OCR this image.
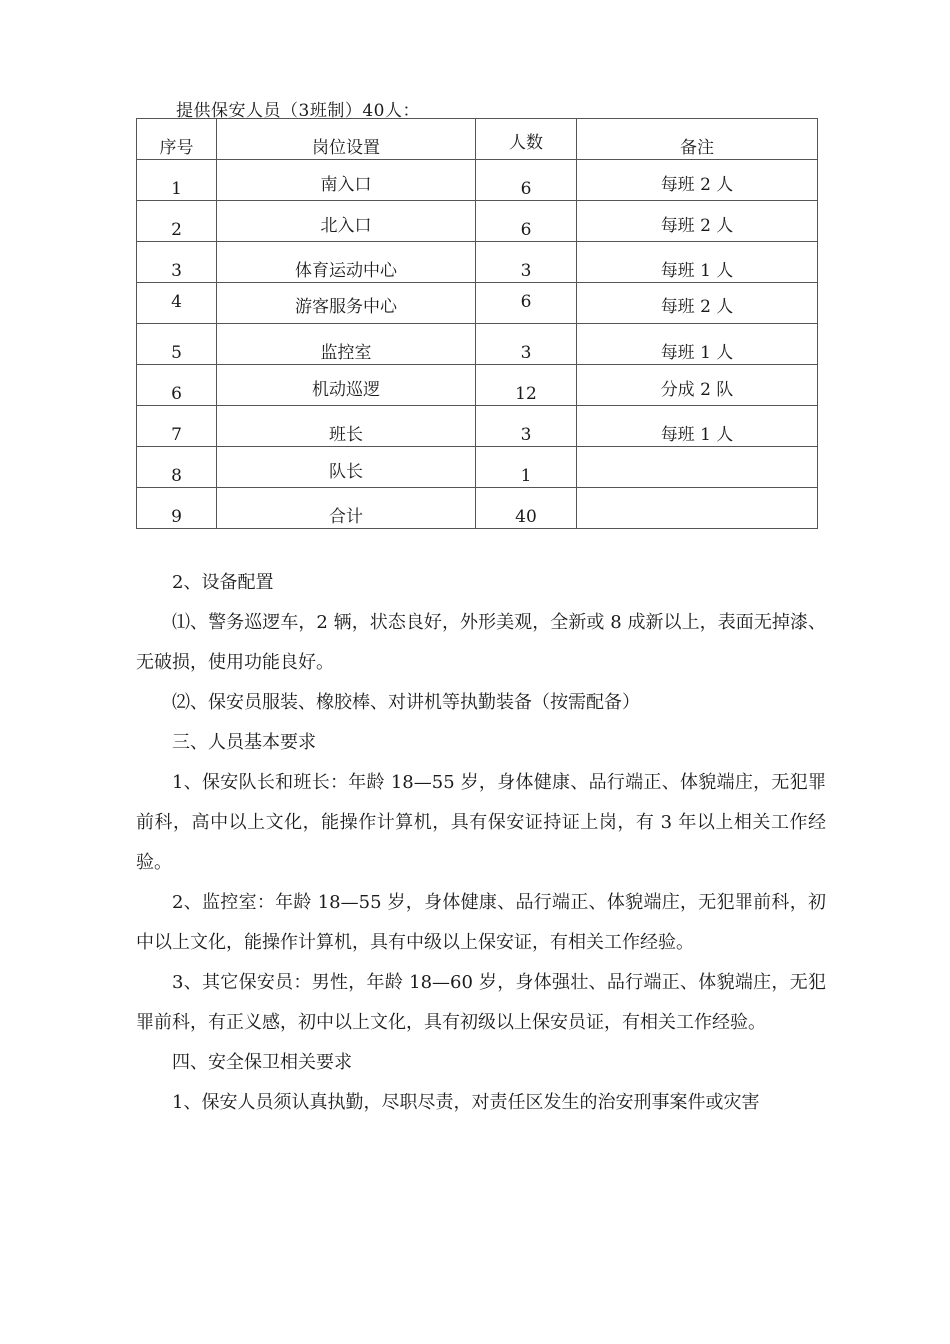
提供保安人员（3班制）40人：
序号	岗位设置	人数	备注

1	南入口	6	每班 2 人

2	北入口	6	每班 2 人

3	体育运动中心	3	每班 1 人

4	游客服务中心	6	每班 2 人

5	监控室	3	每班 1 人

6	机动巡逻	12	分成 2 队

7	班长	3	每班 1 人

8	队长	1	

9	合计	40	

2、设备配置

⑴、警务巡逻车，2 辆，状态良好，外形美观，全新或 8 成新以上，表面无掉漆、无破损，使用功能良好。

⑵、保安员服装、橡胶棒、对讲机等执勤装备（按需配备）

三、人员基本要求

1、保安队长和班长：年龄 18—55 岁，身体健康、品行端正、体貌端庄，无犯罪前科，高中以上文化，能操作计算机，具有保安证持证上岗，有 3 年以上相关工作经验。

2、监控室：年龄 18—55 岁，身体健康、品行端正、体貌端庄，无犯罪前科，初中以上文化，能操作计算机，具有中级以上保安证，有相关工作经验。

3、其它保安员：男性，年龄 18—60 岁，身体强壮、品行端正、体貌端庄，无犯罪前科，有正义感，初中以上文化，具有初级以上保安员证，有相关工作经验。

四、安全保卫相关要求

1、保安人员须认真执勤，尽职尽责，对责任区发生的治安刑事案件或灾害
